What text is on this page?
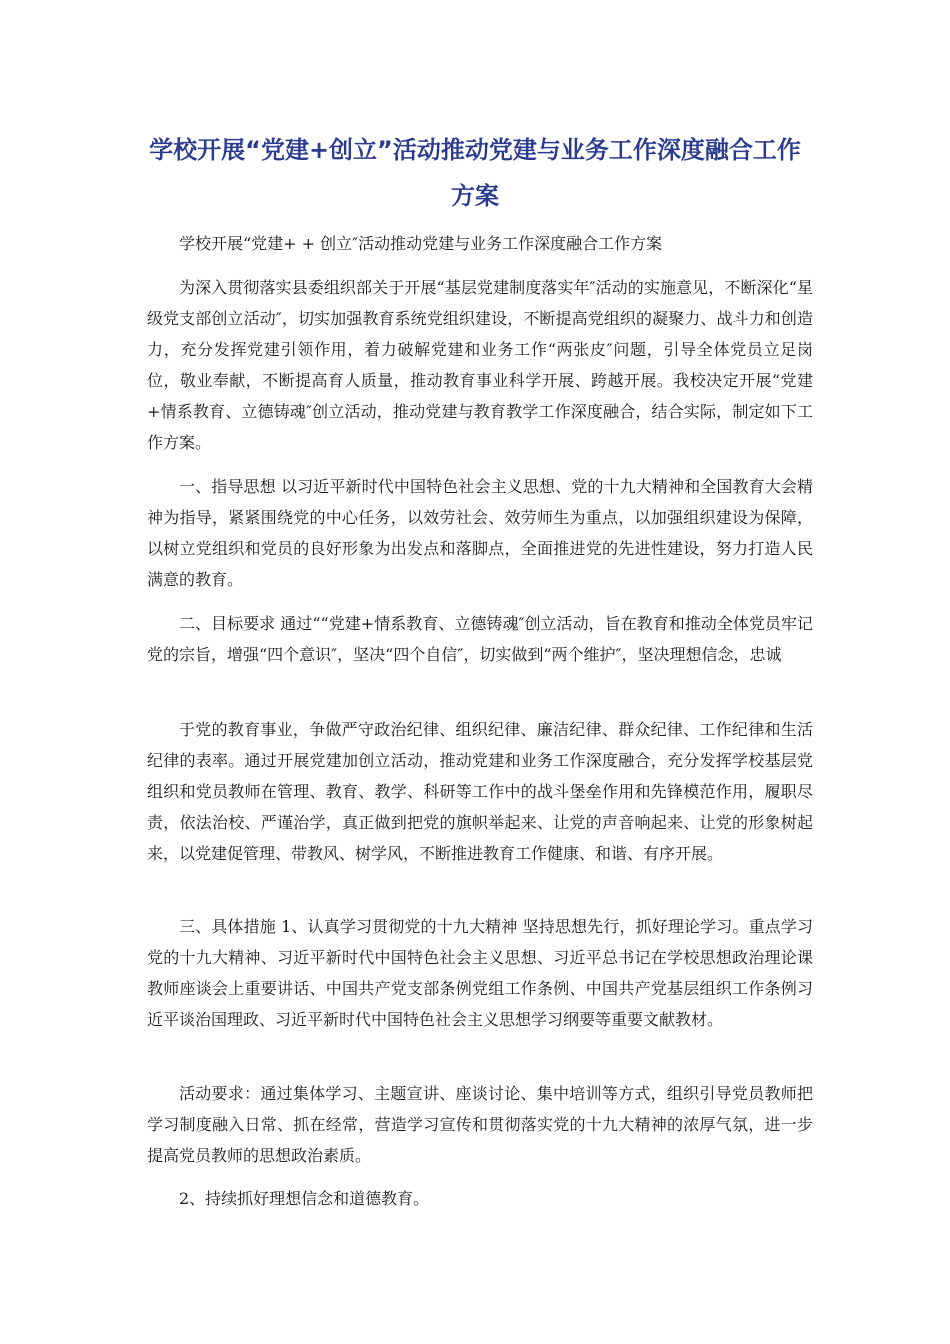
学校开展“党建+创立”活动推动党建与业务工作深度融合工作
方案

学校开展“党建+ + 创立″活动推动党建与业务工作深度融合工作方案

为深入贯彻落实县委组织部关于开展“基层党建制度落实年″活动的实施意见，不断深化“星级党支部创立活动″，切实加强教育系统党组织建设，不断提高党组织的凝聚力、战斗力和创造力，充分发挥党建引领作用，着力破解党建和业务工作“两张皮″问题，引导全体党员立足岗位，敬业奉献，不断提高育人质量，推动教育事业科学开展、跨越开展。我校决定开展“党建+情系教育、立德铸魂″创立活动，推动党建与教育教学工作深度融合，结合实际，制定如下工作方案。

一、指导思想 以习近平新时代中国特色社会主义思想、党的十九大精神和全国教育大会精神为指导，紧紧围绕党的中心任务，以效劳社会、效劳师生为重点，以加强组织建设为保障，以树立党组织和党员的良好形象为出发点和落脚点，全面推进党的先进性建设，努力打造人民满意的教育。

二、目标要求 通过““党建+情系教育、立德铸魂″创立活动，旨在教育和推动全体党员牢记党的宗旨，增强“四个意识″，坚决“四个自信″，切实做到“两个维护″，坚决理想信念，忠诚

于党的教育事业，争做严守政治纪律、组织纪律、廉洁纪律、群众纪律、工作纪律和生活纪律的表率。通过开展党建加创立活动，推动党建和业务工作深度融合，充分发挥学校基层党组织和党员教师在管理、教育、教学、科研等工作中的战斗堡垒作用和先锋模范作用，履职尽责，依法治校、严谨治学，真正做到把党的旗帜举起来、让党的声音响起来、让党的形象树起来，以党建促管理、带教风、树学风，不断推进教育工作健康、和谐、有序开展。

三、具体措施 1、认真学习贯彻党的十九大精神 坚持思想先行，抓好理论学习。重点学习党的十九大精神、习近平新时代中国特色社会主义思想、习近平总书记在学校思想政治理论课教师座谈会上重要讲话、中国共产党支部条例党组工作条例、中国共产党基层组织工作条例习近平谈治国理政、习近平新时代中国特色社会主义思想学习纲要等重要文献教材。

活动要求：通过集体学习、主题宣讲、座谈讨论、集中培训等方式，组织引导党员教师把学习制度融入日常、抓在经常，营造学习宣传和贯彻落实党的十九大精神的浓厚气氛，进一步提高党员教师的思想政治素质。

2、持续抓好理想信念和道德教育。
